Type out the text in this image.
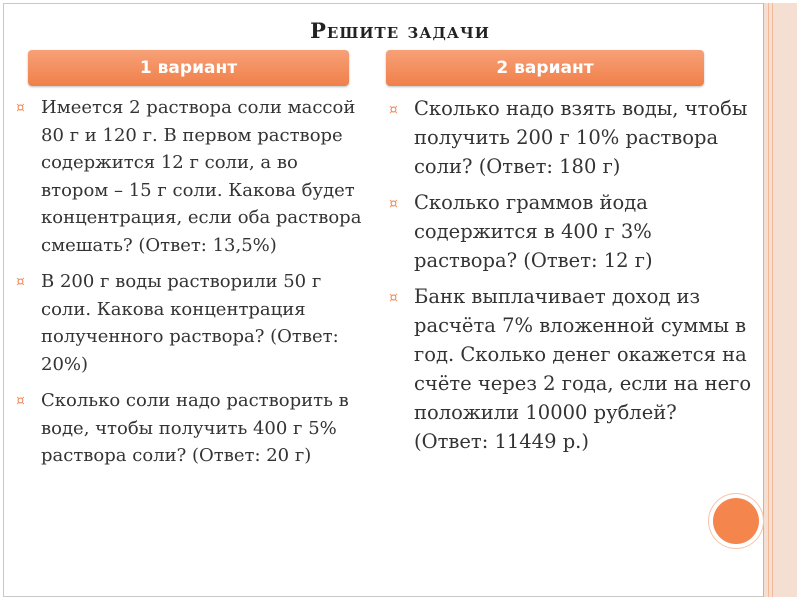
Решите задачи
1 вариант	2 вариант
¤ Имеется 2 раствора соли массой 80 г и 120 г. В первом растворе содержится 12 г соли, а во втором – 15 г соли. Какова будет концентрация, если оба раствора смешать? (Ответ: 13,5%)
¤ В 200 г воды растворили 50 г соли. Какова концентрация полученного раствора? (Ответ: 20%)
¤ Сколько соли надо растворить в воде, чтобы получить 400 г 5% раствора соли? (Ответ: 20 г)
¤ Сколько надо взять воды, чтобы получить 200 г 10% раствора соли? (Ответ: 180 г)
¤ Сколько граммов йода содержится в 400 г 3% раствора? (Ответ: 12 г)
¤ Банк выплачивает доход из расчёта 7% вложенной суммы в год. Сколько денег окажется на счёте через 2 года, если на него положили 10000 рублей? (Ответ: 11449 р.)
